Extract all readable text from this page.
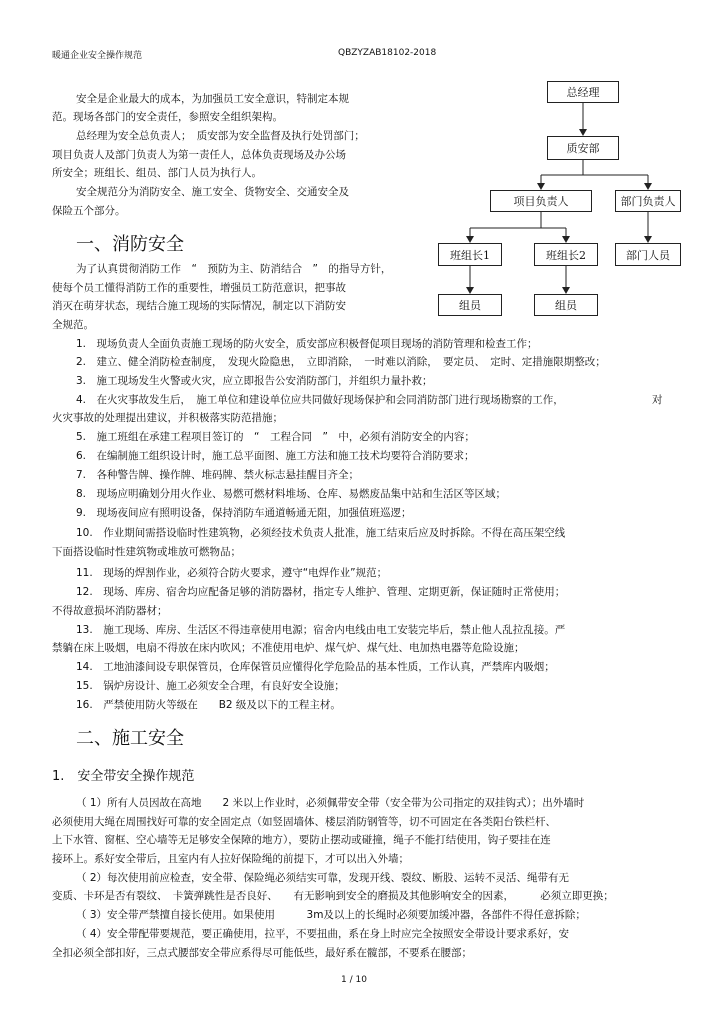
暖通企业安全操作规范	QBZYZAB18102-2018
总经理
质安部
项目负责人	部门负责人
班组长1	班组长2	部门人员
组员	组员
安全是企业最大的成本，为加强员工安全意识，特制定本规
范。现场各部门的安全责任，参照安全组织架构。
总经理为安全总负责人；　质安部为安全监督及执行处罚部门；
项目负责人及部门负责人为第一责任人，总体负责现场及办公场
所安全；班组长、组员、部门人员为执行人。
安全规范分为消防安全、施工安全、货物安全、交通安全及
保险五个部分。
一、消防安全
为了认真贯彻消防工作　“　预防为主、防消结合　”　的指导方针，
使每个员工懂得消防工作的重要性，增强员工防范意识，把事故
消灭在萌芽状态，现结合施工现场的实际情况，制定以下消防安
全规范。
1.　现场负责人全面负责施工现场的防火安全，质安部应积极督促项目现场的消防管理和检查工作；
2.　建立、健全消防检查制度，　发现火险隐患，　立即消除，　一时难以消除，　要定员、　定时、定措施限期整改；
3.　施工现场发生火警或火灾，应立即报告公安消防部门，并组织力量扑救；
4.　在火灾事故发生后，　施工单位和建设单位应共同做好现场保护和会同消防部门进行现场勘察的工作，	对
火灾事故的处理提出建议，并积极落实防范措施；
5.　施工班组在承建工程项目签订的　“　工程合同　”　中，必须有消防安全的内容；
6.　在编制施工组织设计时，施工总平面图、施工方法和施工技术均要符合消防要求；
7.　各种警告牌、操作牌、堆码牌、禁火标志悬挂醒目齐全；
8.　现场应明确划分用火作业、易燃可燃材料堆场、仓库、易燃废品集中站和生活区等区域；
9.　现场夜间应有照明设备，保持消防车通道畅通无阻，加强值班巡逻；
10.　作业期间需搭设临时性建筑物，必须经技术负责人批准，施工结束后应及时拆除。不得在高压架空线
下面搭设临时性建筑物或堆放可燃物品；
11.　现场的焊割作业，必须符合防火要求，遵守“电焊作业”规范；
12.　现场、库房、宿舍均应配备足够的消防器材，指定专人维护、管理、定期更新，保证随时正常使用；
不得故意损坏消防器材；
13.　施工现场、库房、生活区不得违章使用电源；宿舍内电线由电工安装完毕后，禁止他人乱拉乱接。严
禁躺在床上吸烟，电扇不得放在床内吹风；不准使用电炉、煤气炉、煤气灶、电加热电器等危险设施；
14.　工地油漆间设专职保管员，仓库保管员应懂得化学危险品的基本性质，工作认真，严禁库内吸烟；
15.　锅炉房设计、施工必须安全合理，有良好安全设施；
16.　严禁使用防火等级在　　B2 级及以下的工程主材。
二、施工安全
1.　安全带安全操作规范
（ 1）所有人员因故在高地　　2 米以上作业时，必须佩带安全带（安全带为公司指定的双挂钩式）；出外墙时
必须使用大绳在周围找好可靠的安全固定点（如竖固墙体、楼层消防钢管等，切不可固定在各类阳台铁栏杆、
上下水管、窗框、空心墙等无足够安全保障的地方），要防止摆动或碰撞，绳子不能打结使用，钩子要挂在连
接环上。系好安全带后，且室内有人拉好保险绳的前提下，才可以出入外墙；
（ 2）每次使用前应检查，安全带、保险绳必须结实可靠，发现开线、裂纹、断股、运转不灵活、绳带有无
变质、卡环是否有裂纹、　卡簧弹跳性是否良好、　　有无影响到安全的磨损及其他影响安全的因素，　　　必须立即更换；
（ 3）安全带严禁擅自接长使用。如果使用　　　3m及以上的长绳时必须要加缓冲器，各部件不得任意拆除；
（ 4）安全带配带要规范，要正确使用，拉平，不要扭曲，系在身上时应完全按照安全带设计要求系好，安
全扣必须全部扣好，三点式腰部安全带应系得尽可能低些，最好系在髋部，不要系在腰部；
1 / 10
